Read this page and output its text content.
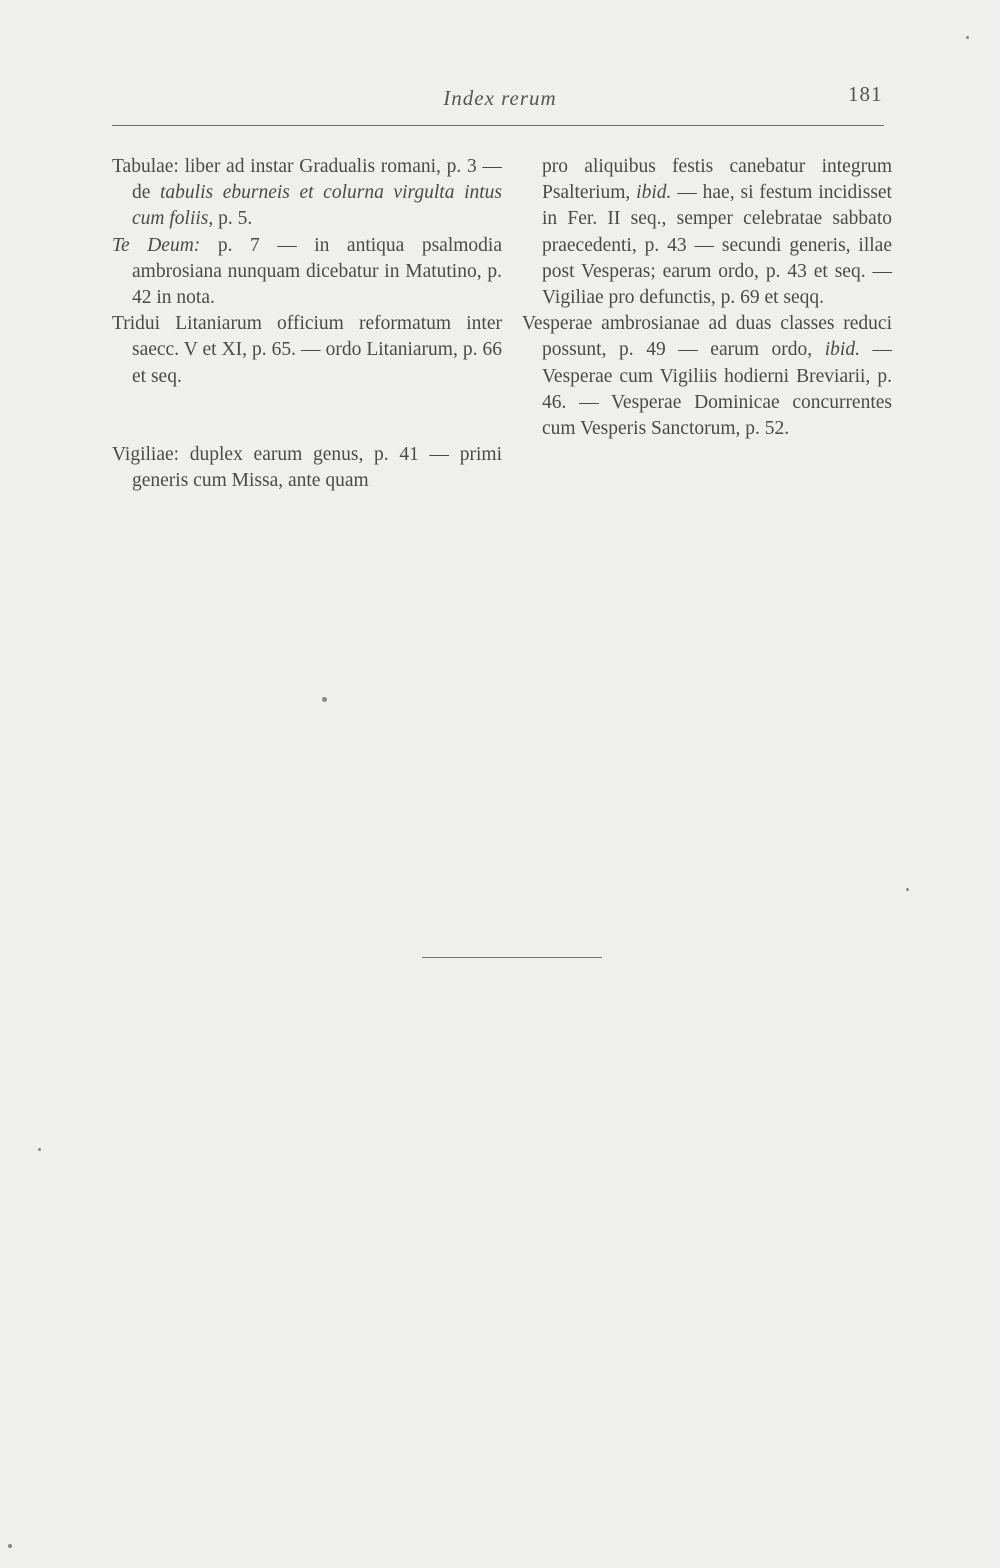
Index rerum	181

Tabulae: liber ad instar Gradualis romani, p. 3 — de tabulis eburneis et colurna virgulta intus cum foliis, p. 5.

Te Deum: p. 7 — in antiqua psalmodia ambrosiana nunquam dicebatur in Matutino, p. 42 in nota.

Tridui Litaniarum officium reformatum inter saecc. V et XI, p. 65. — ordo Litaniarum, p. 66 et seq.

Vigiliae: duplex earum genus, p. 41 — primi generis cum Missa, ante quam

pro aliquibus festis canebatur integrum Psalterium, ibid. — hae, si festum incidisset in Fer. II seq., semper celebratae sabbato praecedenti, p. 43 — secundi generis, illae post Vesperas; earum ordo, p. 43 et seq. — Vigiliae pro defunctis, p. 69 et seqq.

Vesperae ambrosianae ad duas classes reduci possunt, p. 49 — earum ordo, ibid. — Vesperae cum Vigiliis hodierni Breviarii, p. 46. — Vesperae Dominicae concurrentes cum Vesperis Sanctorum, p. 52.
